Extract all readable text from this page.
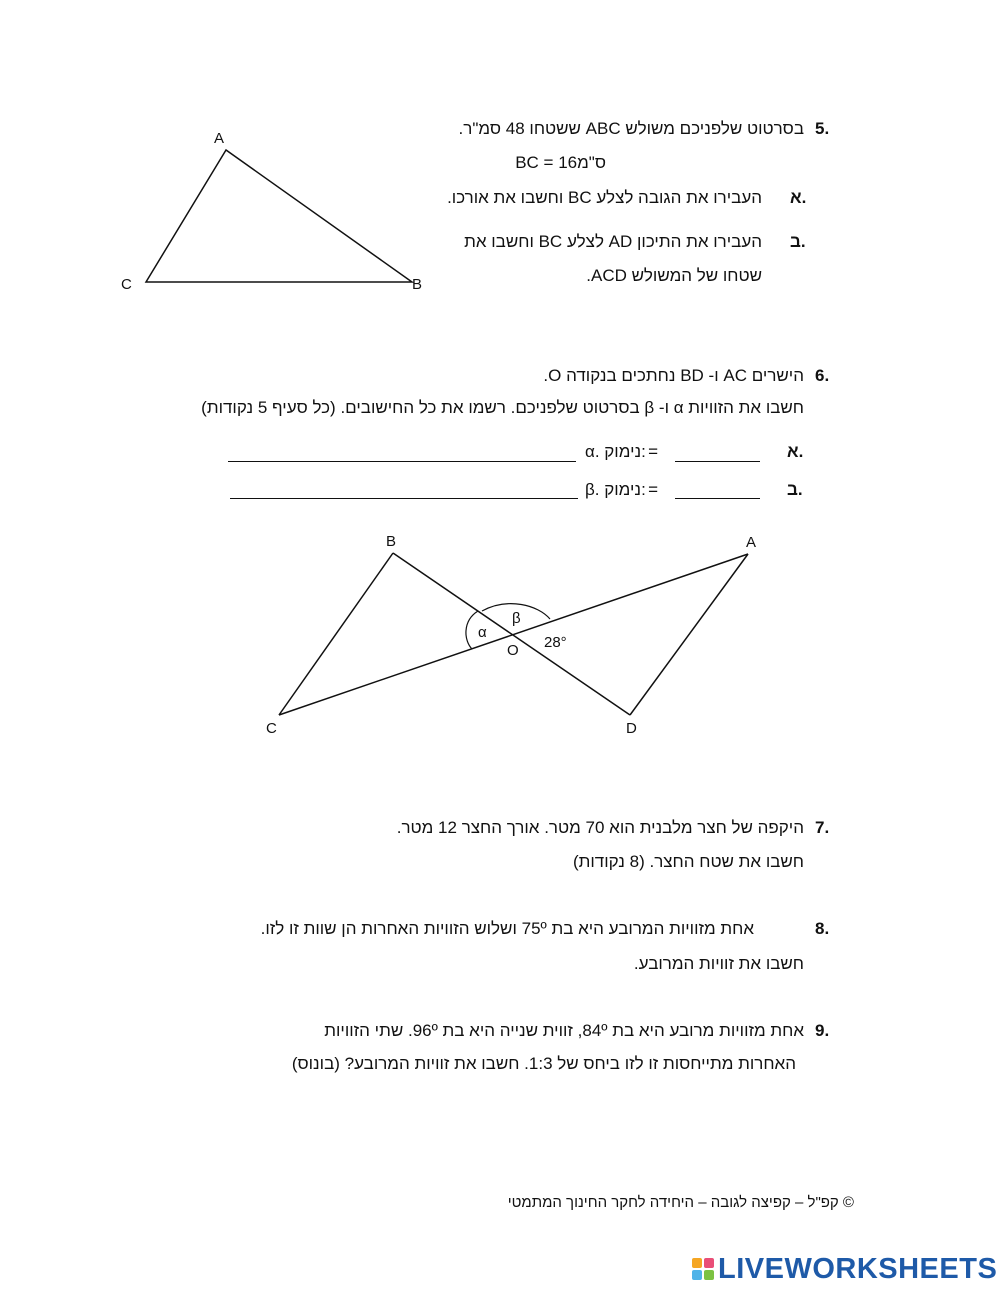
5.
בסרטוט שלפניכם משולש ABC ששטחו 48 סמ"ר.
BC = 16ס"מ
א.
העבירו את הגובה לצלע BC וחשבו את אורכו.
ב.
העבירו את התיכון AD לצלע BC וחשבו את
שטחו של המשולש ACD.
A
C	B
6.
הישרים AC ו- BD נחתכים בנקודה O.
חשבו את הזוויות α ו- β בסרטוט שלפניכם. רשמו את כל החישובים. (כל סעיף 5 נקודות)
א.
=
α. נימוק:
ב.
=
β. נימוק:
B	A
C	D
O
α
β
28°
7.
היקפה של חצר מלבנית הוא 70 מטר. אורך החצר 12 מטר.
חשבו את שטח החצר. (8 נקודות)
8.
אחת מזוויות המרובע היא בת 75º ושלוש הזוויות האחרות הן שוות זו לזו.
חשבו את זוויות המרובע.
9.
אחת מזוויות מרובע היא בת 84º, זווית שנייה היא בת 96º. שתי הזוויות
האחרות מתייחסות זו לזו ביחס של 1:3. חשבו את זוויות המרובע? (בונוס)
© קפ"ל – קפיצה לגובה – היחידה לחקר החינוך המתמטי
LIVEWORKSHEETS
